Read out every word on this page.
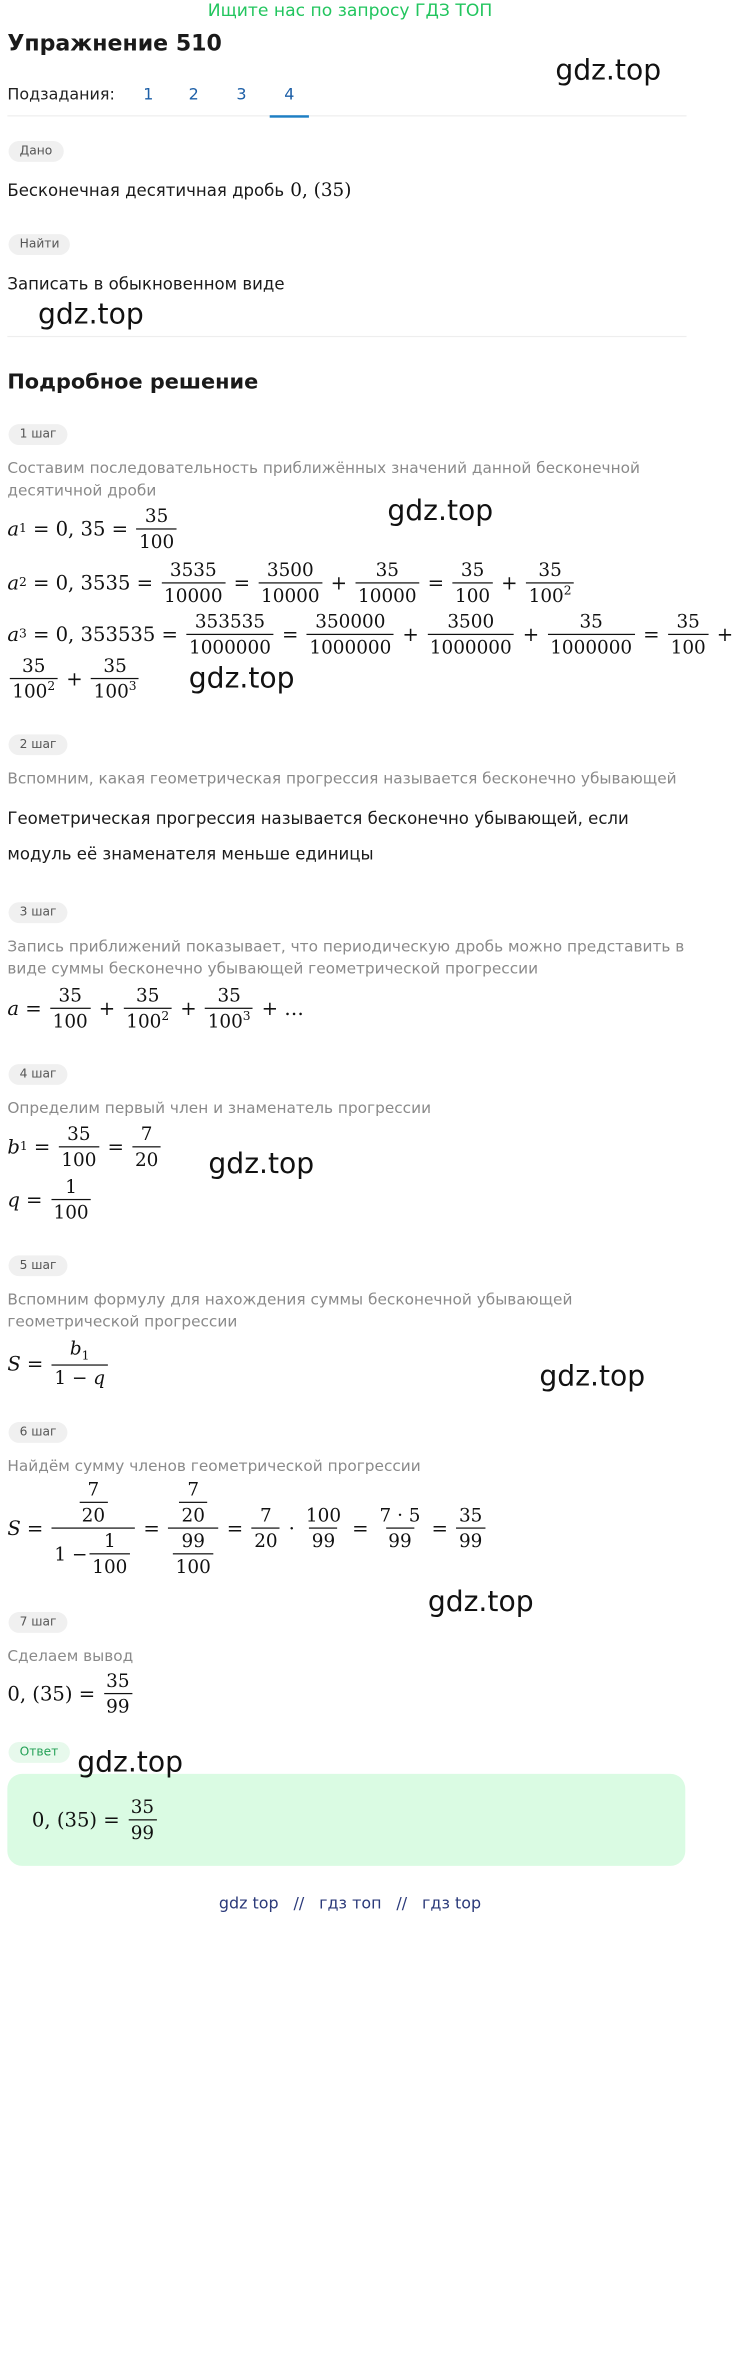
Ищите нас по запросу ГДЗ ТОП
Упражнение 510
gdz.top
Подзадания:	1	2	3	4
Дано
Бесконечная десятичная дробь 0, (35)
Найти
Записать в обыкновенном виде
gdz.top
Подробное решение
1 шаг
Составим последовательность приближённых значений данной бесконечной десятичной дроби
gdz.top
a 1 = 0, $35 = \frac{35}{100}$
a 2 = 0, $3535 = \frac{3535}{10000} = \frac{3500}{10000} + \frac{35}{10000} = \frac{35}{100} + \frac{35}{100^2}$
a 3 = 0, $353535 = \frac{353535}{1000000} = \frac{350000}{1000000} + \frac{3500}{1000000} + \frac{35}{1000000} = \frac{35}{100}$ +
$\frac{35}{100^2} + \frac{35}{100^3} gdz.top$
2 шаг
Вспомним, какая геометрическая прогрессия называется бесконечно убывающей
Геометрическая прогрессия называется бесконечно убывающей, если модуль её знаменателя меньше единицы
3 шаг
Запись приближений показывает, что периодическую дробь можно представить в виде суммы бесконечно убывающей геометрической прогрессии
$a = \frac{35}{100} + \frac{35}{100^2} + \frac{35}{100^3}$ + …
4 шаг
Определим первый член и знаменатель прогрессии
b $1 = \frac{35}{100} = \frac{7}{20} gdz.top$
$q = \frac{1}{100}$
5 шаг
Вспомним формулу для нахождения суммы бесконечной убывающей геометрической прогрессии
$S = \frac{b_1}{1 - q}$	gdz.top
6 шаг
Найдём сумму членов геометрической прогрессии
$S = \frac{\frac{7}{20}}{1 - \frac{1}{100}} = \frac{\frac{7}{20}}{\frac{99}{100}} = \frac{7}{20} \cdot \frac{100}{99} = \frac{7 \cdot 5}{99} = \frac{35}{99}$
gdz.top
7 шаг
Сделаем вывод
0, $(35) = \frac{35}{99}$
Ответ gdz.top
0, $(35) = \frac{35}{99}$
gdz top // гдз топ // гдз top
